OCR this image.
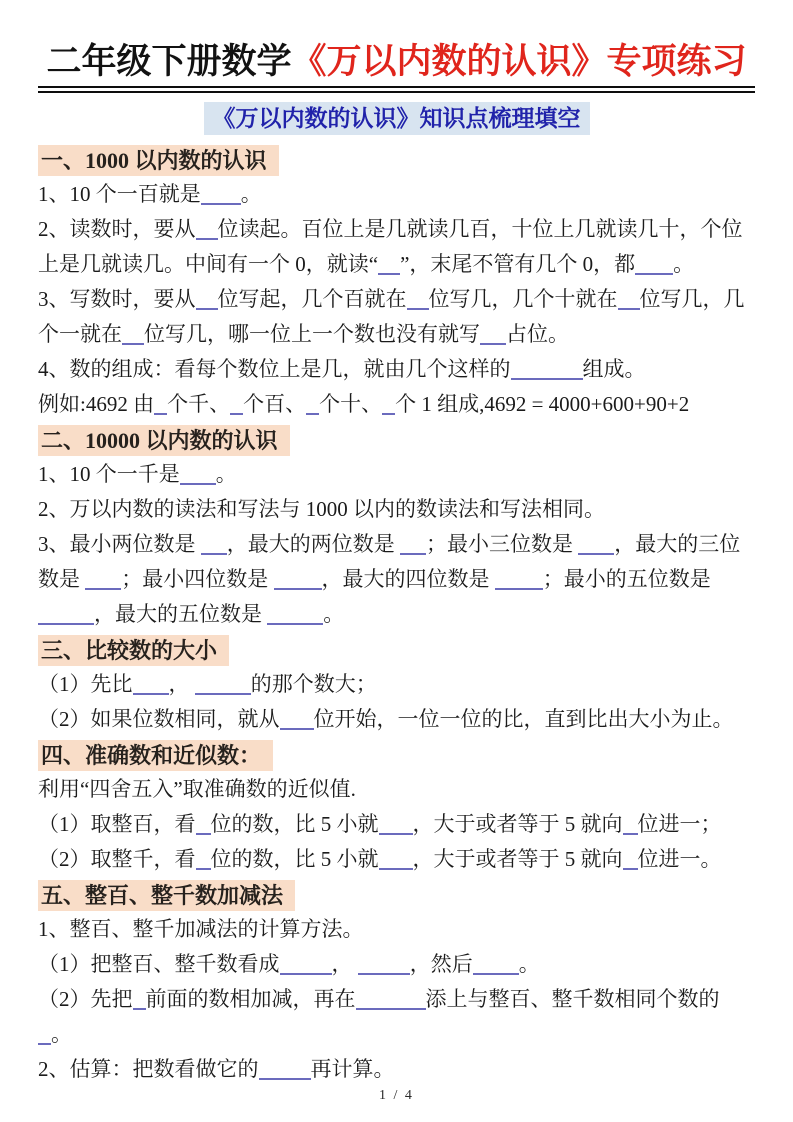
二年级下册数学《万以内数的认识》专项练习
《万以内数的认识》知识点梳理填空
一、1000 以内数的认识

1、10 个一百就是 。

2、读数时，要从 位读起。百位上是几就读几百，十位上几就读几十，个位

上是几就读几。中间有一个 0，就读“ ”，末尾不管有几个 0，都 。

3、写数时，要从 位写起，几个百就在 位写几，几个十就在 位写几，几

个一就在 位写几，哪一位上一个数也没有就写 占位。

4、数的组成：看每个数位上是几，就由几个这样的	组成。

例如:4692 由 个千、 个百、 个十、 个 1 组成,4692 = 4000+600+90+2

二、10000 以内数的认识

1、10 个一千是 。

2、万以内数的读法和写法与 1000 以内的数读法和写法相同。

3、最小两位数是 ，最大的两位数是 ；最小三位数是 ，最大的三位

数是 ；最小四位数是 ，最大的四位数是 ；最小的五位数是

，最大的五位数是	。

三、比较数的大小

（1）先比 ，	的那个数大；

（2）如果位数相同，就从 位开始，一位一位的比，直到比出大小为止。

四、准确数和近似数：

利用“四舍五入”取准确数的近似值.

（1）取整百，看 位的数，比 5 小就 ，大于或者等于 5 就向 位进一；

（2）取整千，看 位的数，比 5 小就 ，大于或者等于 5 就向 位进一。

五、整百、整千数加减法

1、整百、整千加减法的计算方法。

（1）把整百、整千数看成 ， ，然后 。

（2）先把 前面的数相加减，再在	添上与整百、整千数相同个数的

。

2、估算：把数看做它的 再计算。

1 / 4
